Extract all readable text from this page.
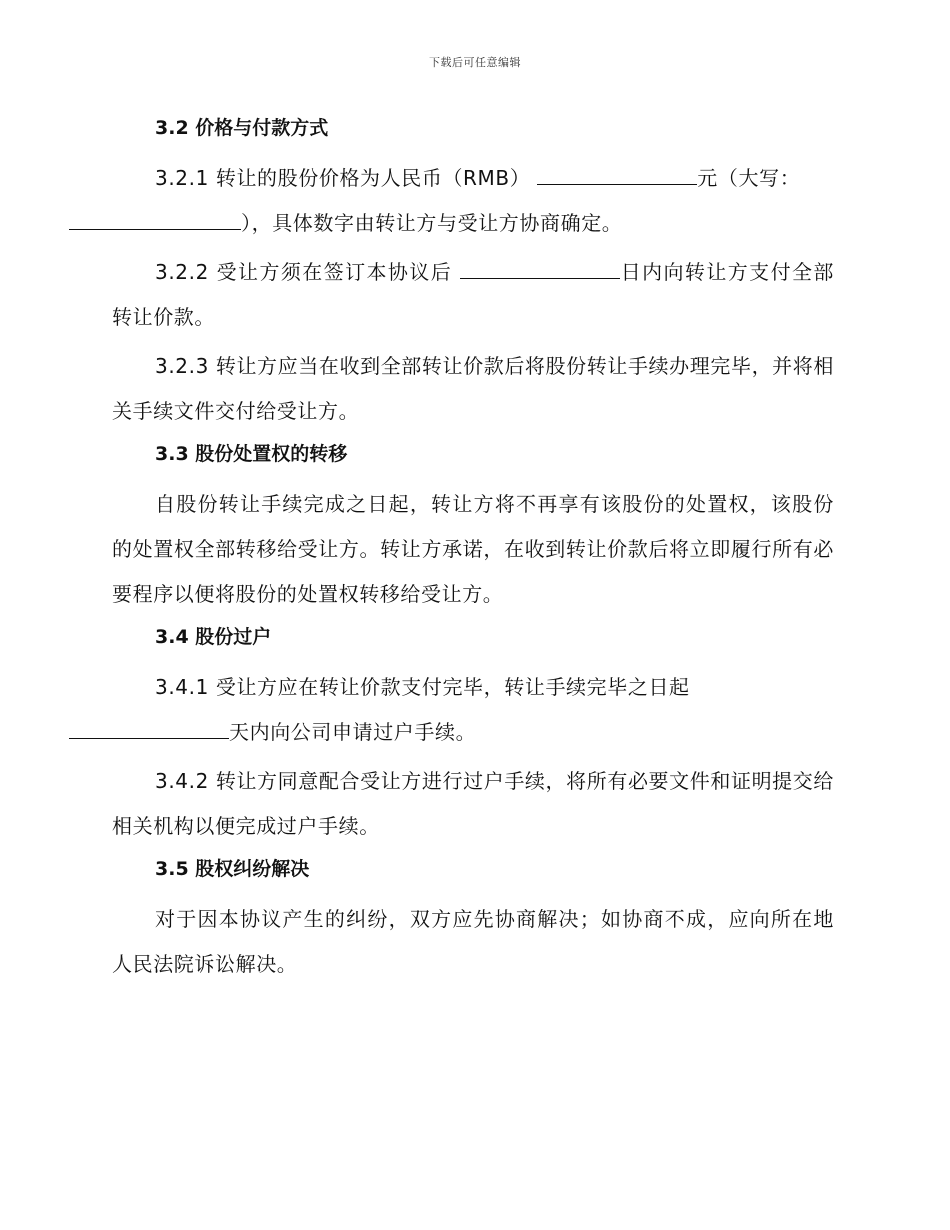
下载后可任意编辑
3.2 价格与付款方式
3.2.1 转让的股份价格为人民币（RMB）	元（大写：
），具体数字由转让方与受让方协商确定。
3.2.2 受让方须在签订本协议后	日内向转让方支付全部转让价款。
3.2.3 转让方应当在收到全部转让价款后将股份转让手续办理完毕，并将相关手续文件交付给受让方。
3.3 股份处置权的转移
自股份转让手续完成之日起，转让方将不再享有该股份的处置权，该股份的处置权全部转移给受让方。转让方承诺，在收到转让价款后将立即履行所有必要程序以便将股份的处置权转移给受让方。
3.4 股份过户
3.4.1 受让方应在转让价款支付完毕，转让手续完毕之日起
天内向公司申请过户手续。
3.4.2 转让方同意配合受让方进行过户手续，将所有必要文件和证明提交给相关机构以便完成过户手续。
3.5 股权纠纷解决
对于因本协议产生的纠纷，双方应先协商解决；如协商不成，应向所在地人民法院诉讼解决。
